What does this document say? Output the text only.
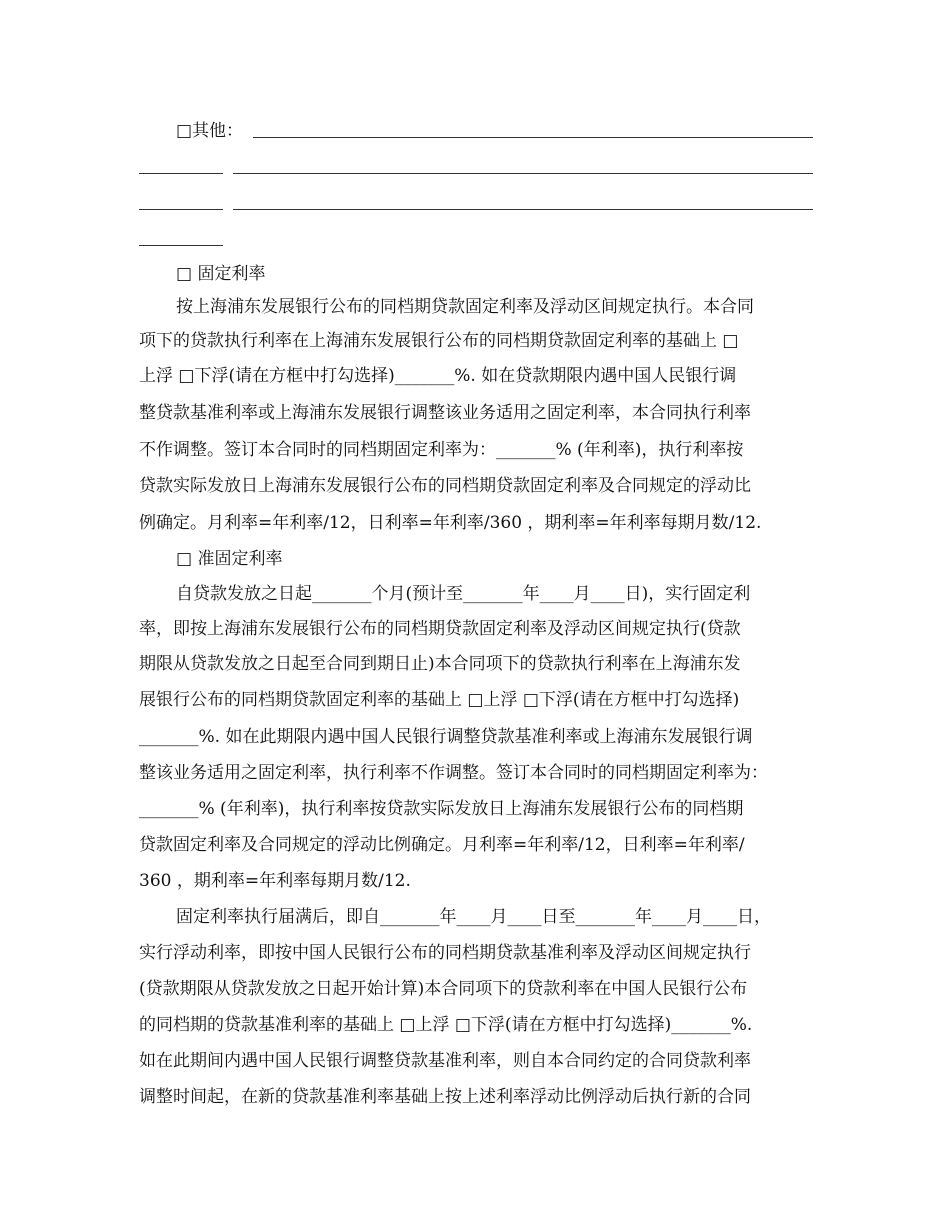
□其他：
□ 固定利率
按上海浦东发展银行公布的同档期贷款固定利率及浮动区间规定执行。本合同
项下的贷款执行利率在上海浦东发展银行公布的同档期贷款固定利率的基础上 □
上浮 □下浮(请在方框中打勾选择)_______%. 如在贷款期限内遇中国人民银行调
整贷款基准利率或上海浦东发展银行调整该业务适用之固定利率，本合同执行利率
不作调整。签订本合同时的同档期固定利率为：_______% (年利率)，执行利率按
贷款实际发放日上海浦东发展银行公布的同档期贷款固定利率及合同规定的浮动比
例确定。月利率=年利率/12，日利率=年利率/360 ，期利率=年利率每期月数/12.
□ 准固定利率
自贷款发放之日起_______个月(预计至_______年____月____日)，实行固定利
率，即按上海浦东发展银行公布的同档期贷款固定利率及浮动区间规定执行(贷款
期限从贷款发放之日起至合同到期日止)本合同项下的贷款执行利率在上海浦东发
展银行公布的同档期贷款固定利率的基础上 □上浮 □下浮(请在方框中打勾选择)
_______%. 如在此期限内遇中国人民银行调整贷款基准利率或上海浦东发展银行调
整该业务适用之固定利率，执行利率不作调整。签订本合同时的同档期固定利率为：
_______% (年利率)，执行利率按贷款实际发放日上海浦东发展银行公布的同档期
贷款固定利率及合同规定的浮动比例确定。月利率=年利率/12，日利率=年利率/
360 ，期利率=年利率每期月数/12.
固定利率执行届满后，即自_______年____月____日至_______年____月____日，
实行浮动利率，即按中国人民银行公布的同档期贷款基准利率及浮动区间规定执行
(贷款期限从贷款发放之日起开始计算)本合同项下的贷款利率在中国人民银行公布
的同档期的贷款基准利率的基础上 □上浮 □下浮(请在方框中打勾选择)_______%.
如在此期间内遇中国人民银行调整贷款基准利率，则自本合同约定的合同贷款利率
调整时间起，在新的贷款基准利率基础上按上述利率浮动比例浮动后执行新的合同
